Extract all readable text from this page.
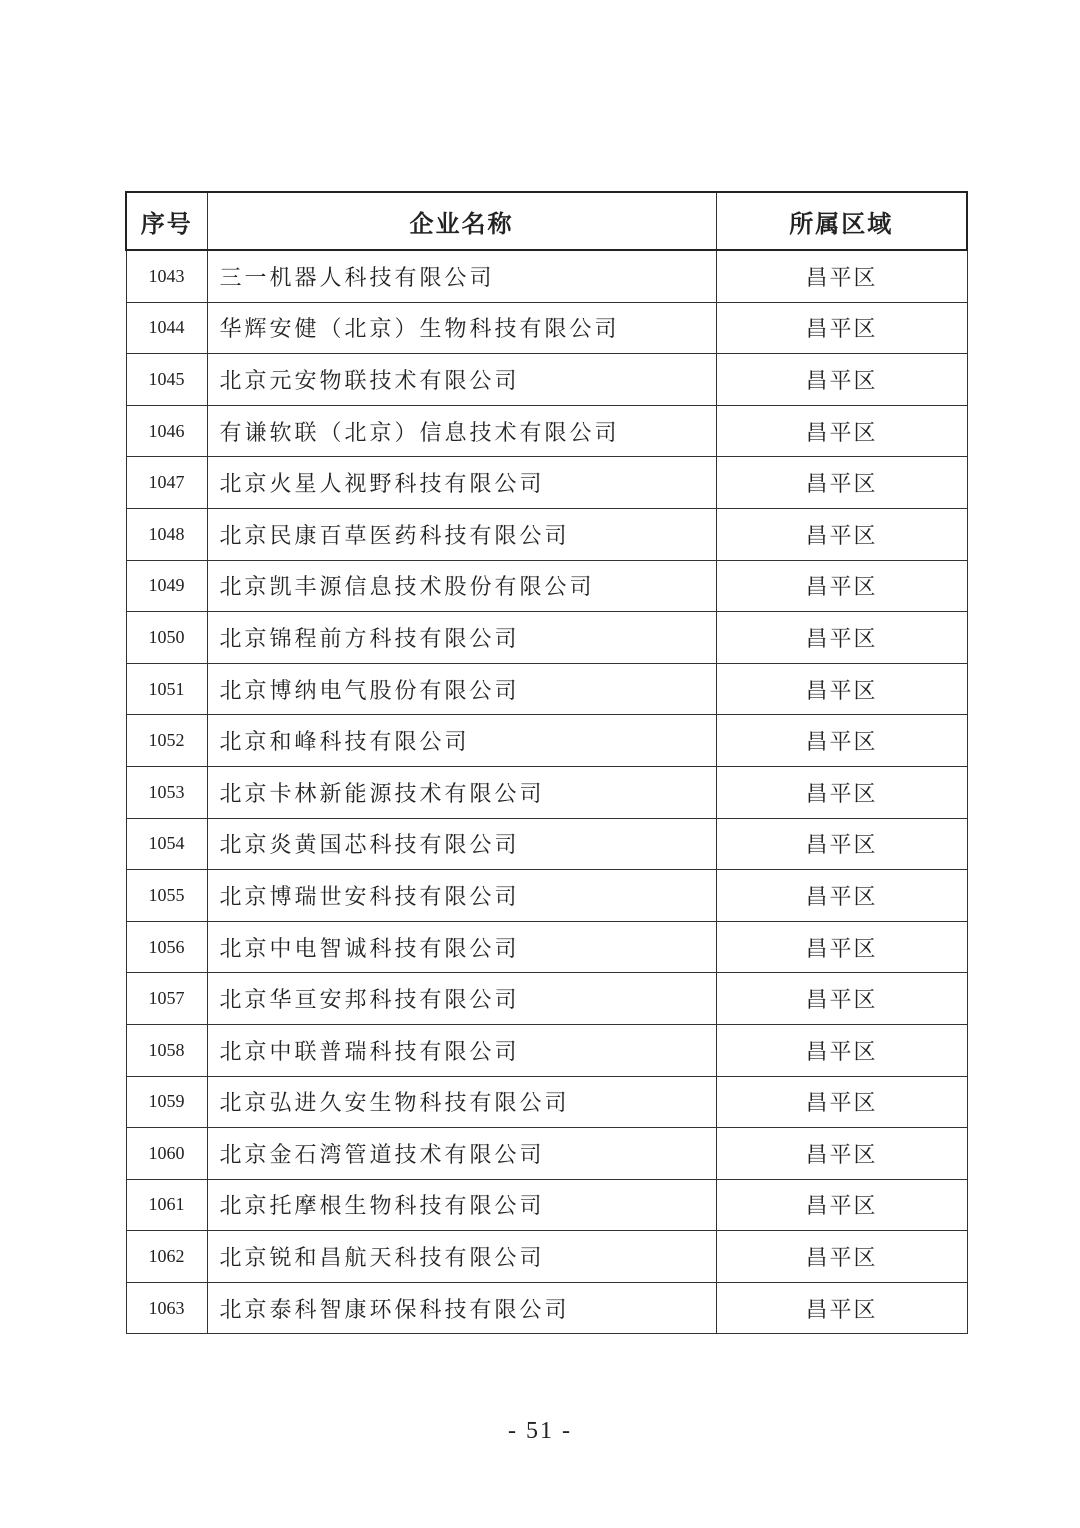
序号	企业名称	所属区域
1043	三一机器人科技有限公司	昌平区
1044	华辉安健（北京）生物科技有限公司	昌平区
1045	北京元安物联技术有限公司	昌平区
1046	有谦软联（北京）信息技术有限公司	昌平区
1047	北京火星人视野科技有限公司	昌平区
1048	北京民康百草医药科技有限公司	昌平区
1049	北京凯丰源信息技术股份有限公司	昌平区
1050	北京锦程前方科技有限公司	昌平区
1051	北京博纳电气股份有限公司	昌平区
1052	北京和峰科技有限公司	昌平区
1053	北京卡林新能源技术有限公司	昌平区
1054	北京炎黄国芯科技有限公司	昌平区
1055	北京博瑞世安科技有限公司	昌平区
1056	北京中电智诚科技有限公司	昌平区
1057	北京华亘安邦科技有限公司	昌平区
1058	北京中联普瑞科技有限公司	昌平区
1059	北京弘进久安生物科技有限公司	昌平区
1060	北京金石湾管道技术有限公司	昌平区
1061	北京托摩根生物科技有限公司	昌平区
1062	北京锐和昌航天科技有限公司	昌平区
1063	北京泰科智康环保科技有限公司	昌平区
- 51 -
